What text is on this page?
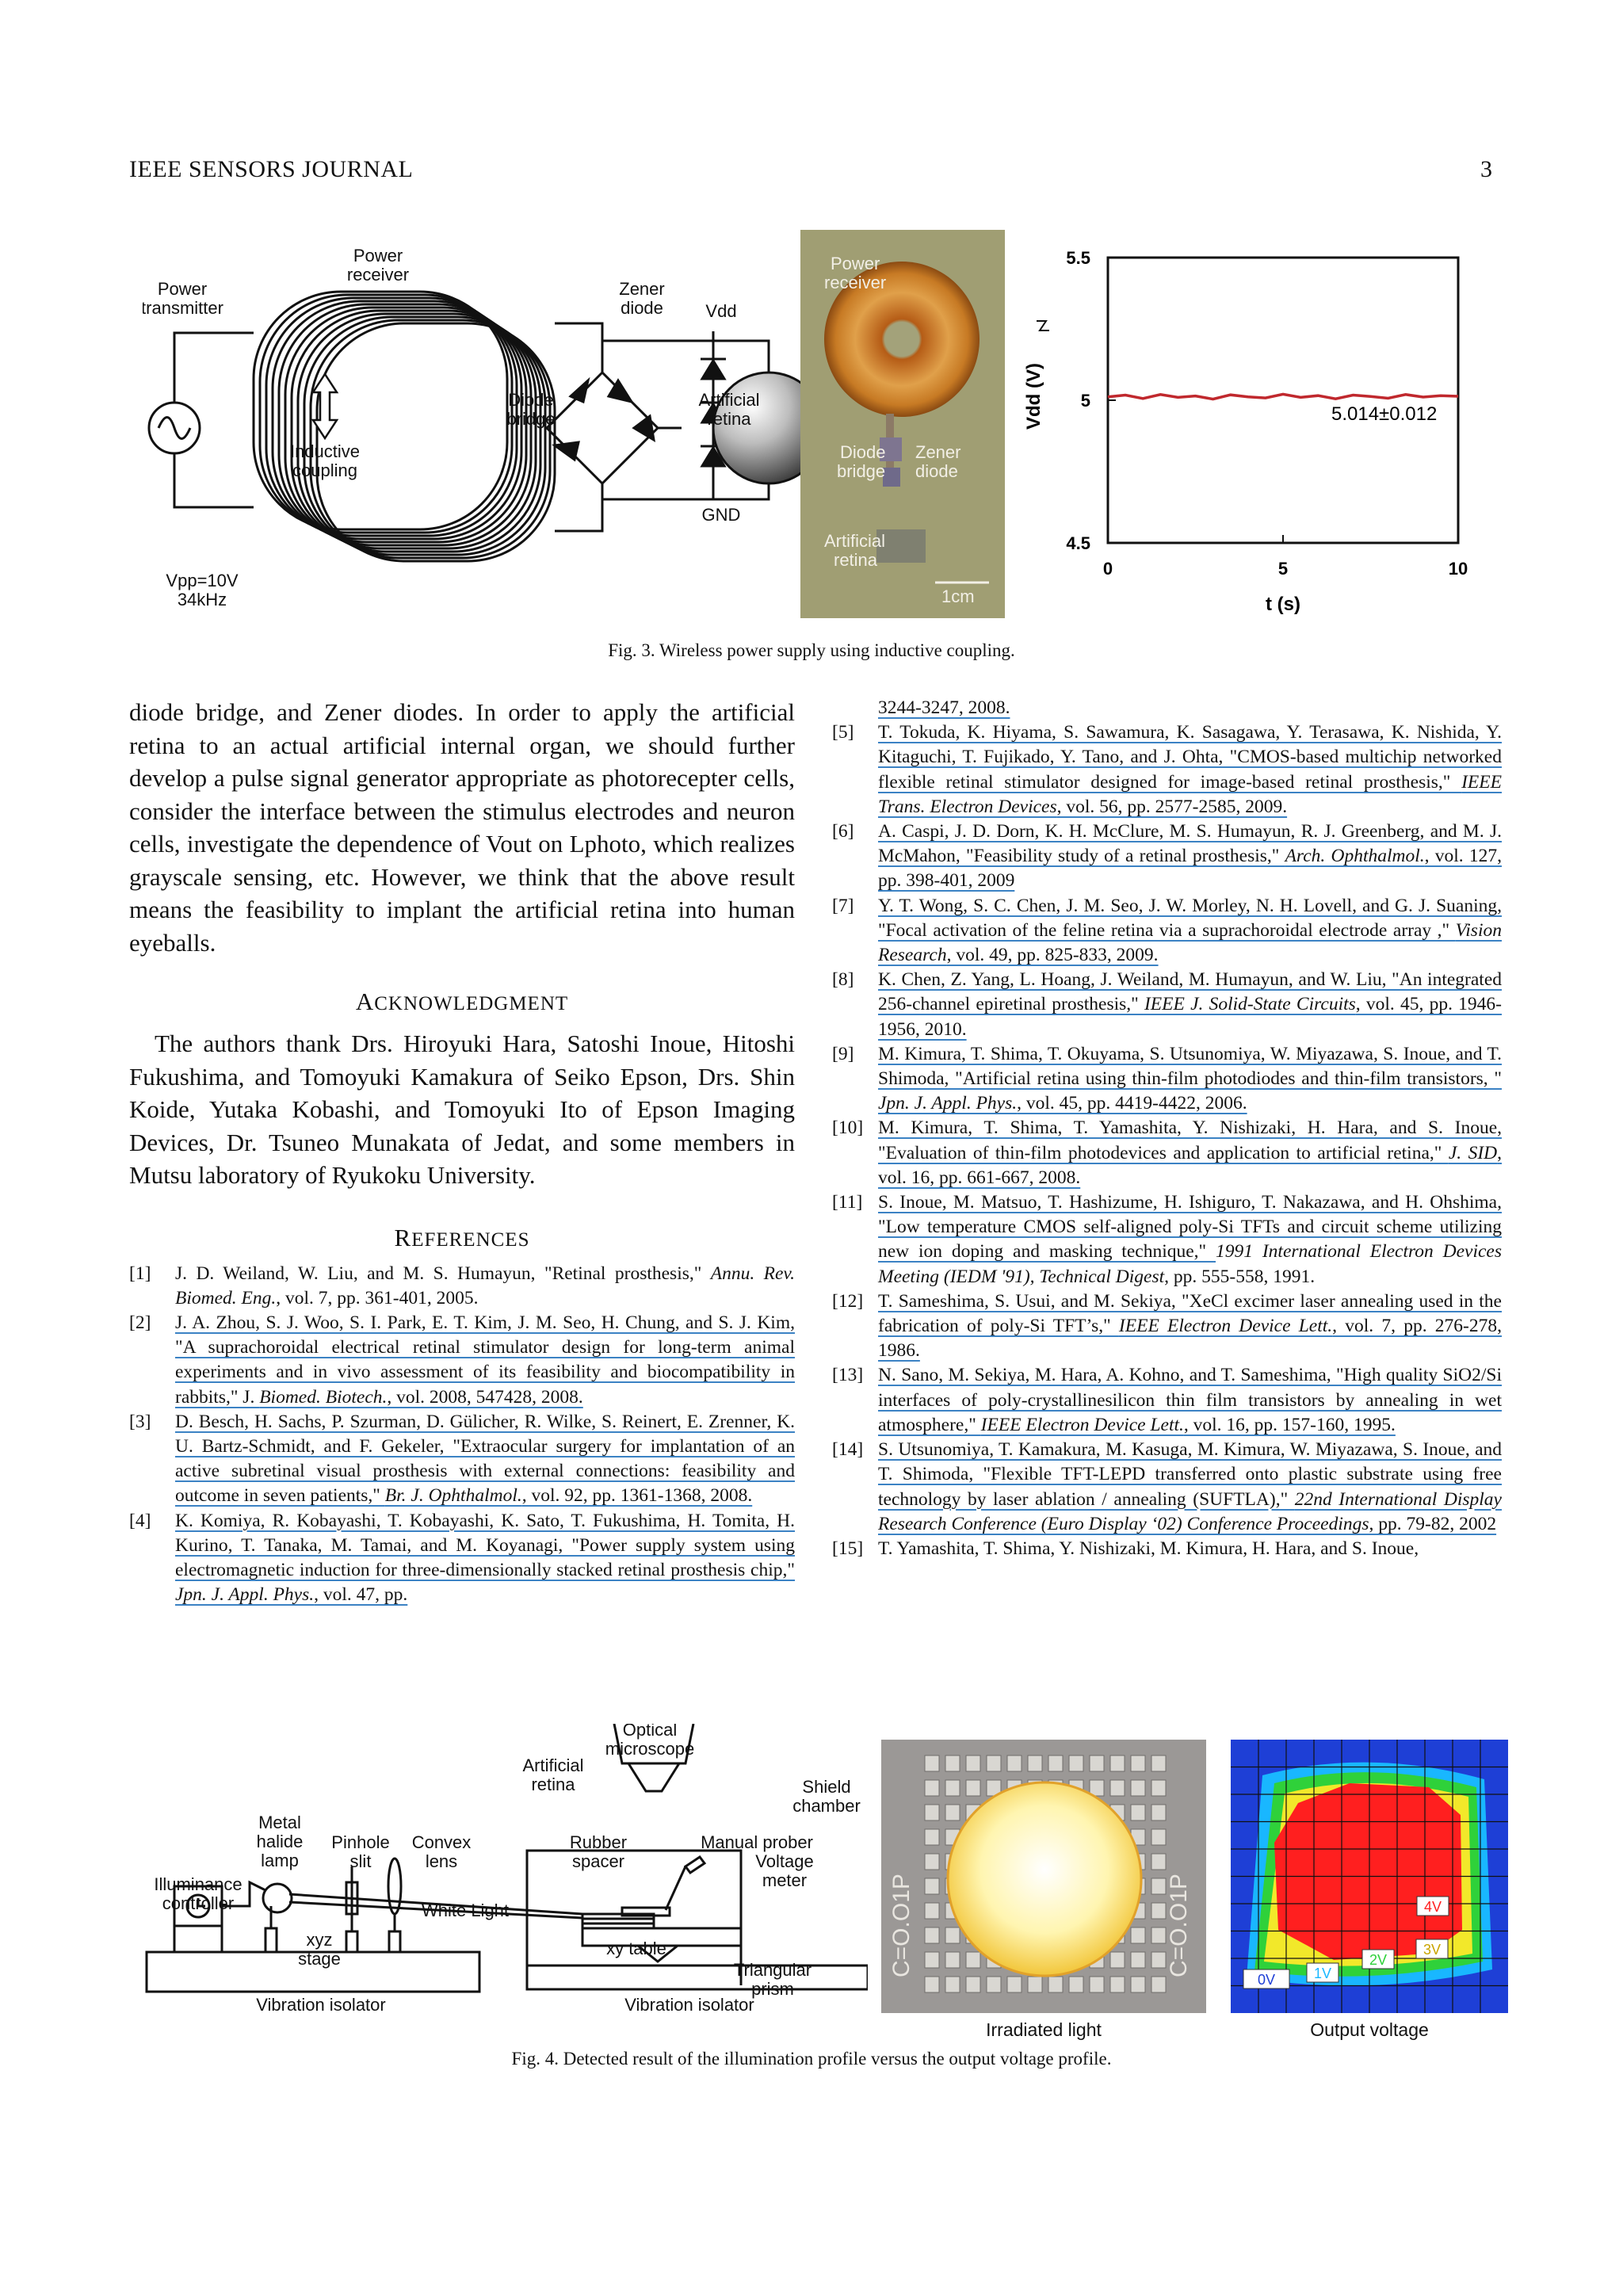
IEEE SENSORS JOURNAL	3
Power
transmitter
Power
receiver
Zener
diode Vdd
Diode
bridge
Artificial
retina
Inductive
coupling
GND
Vpp=10V
34kHz
Power
receiver
Diode
bridge
Zener
diode
Artificial
retina
1cm
4.5
5
5.5
0	5	10
Vdd (V)
t (s)
5.014±0.012
Fig. 3. Wireless power supply using inductive coupling.

diode bridge, and Zener diodes. In order to apply the artificial retina to an actual artificial internal organ, we should further develop a pulse signal generator appropriate as photorecepter cells, consider the interface between the stimulus electrodes and neuron cells, investigate the dependence of Vout on Lphoto, which realizes grayscale sensing, etc. However, we think that the above result means the feasibility to implant the artificial retina into human eyeballs.

ACKNOWLEDGMENT

The authors thank Drs. Hiroyuki Hara, Satoshi Inoue, Hitoshi Fukushima, and Tomoyuki Kamakura of Seiko Epson, Drs. Shin Koide, Yutaka Kobashi, and Tomoyuki Ito of Epson Imaging Devices, Dr. Tsuneo Munakata of Jedat, and some members in Mutsu laboratory of Ryukoku University.

REFERENCES

[1] J. D. Weiland, W. Liu, and M. S. Humayun, "Retinal prosthesis," Annu. Rev. Biomed. Eng., vol. 7, pp. 361-401, 2005.

[2] J. A. Zhou, S. J. Woo, S. I. Park, E. T. Kim, J. M. Seo, H. Chung, and S. J. Kim, "A suprachoroidal electrical retinal stimulator design for long-term animal experiments and in vivo assessment of its feasibility and biocompatibility in rabbits," J. Biomed. Biotech., vol. 2008, 547428, 2008.

[3] D. Besch, H. Sachs, P. Szurman, D. Gülicher, R. Wilke, S. Reinert, E. Zrenner, K. U. Bartz-Schmidt, and F. Gekeler, "Extraocular surgery for implantation of an active subretinal visual prosthesis with external connections: feasibility and outcome in seven patients," Br. J. Ophthalmol., vol. 92, pp. 1361-1368, 2008.

[4] K. Komiya, R. Kobayashi, T. Kobayashi, K. Sato, T. Fukushima, H. Tomita, H. Kurino, T. Tanaka, M. Tamai, and M. Koyanagi, "Power supply system using electromagnetic induction for three-dimensionally stacked retinal prosthesis chip," Jpn. J. Appl. Phys., vol. 47, pp.

3244-3247, 2008.

[5] T. Tokuda, K. Hiyama, S. Sawamura, K. Sasagawa, Y. Terasawa, K. Nishida, Y. Kitaguchi, T. Fujikado, Y. Tano, and J. Ohta, "CMOS-based multichip networked flexible retinal stimulator designed for image-based retinal prosthesis," IEEE Trans. Electron Devices, vol. 56, pp. 2577-2585, 2009.

[6] A. Caspi, J. D. Dorn, K. H. McClure, M. S. Humayun, R. J. Greenberg, and M. J. McMahon, "Feasibility study of a retinal prosthesis," Arch. Ophthalmol., vol. 127, pp. 398-401, 2009

[7] Y. T. Wong, S. C. Chen, J. M. Seo, J. W. Morley, N. H. Lovell, and G. J. Suaning, "Focal activation of the feline retina via a suprachoroidal electrode array ," Vision Research, vol. 49, pp. 825-833, 2009.

[8] K. Chen, Z. Yang, L. Hoang, J. Weiland, M. Humayun, and W. Liu, "An integrated 256-channel epiretinal prosthesis," IEEE J. Solid-State Circuits, vol. 45, pp. 1946-1956, 2010.

[9] M. Kimura, T. Shima, T. Okuyama, S. Utsunomiya, W. Miyazawa, S. Inoue, and T. Shimoda, "Artificial retina using thin-film photodiodes and thin-film transistors, " Jpn. J. Appl. Phys., vol. 45, pp. 4419-4422, 2006.

[10] M. Kimura, T. Shima, T. Yamashita, Y. Nishizaki, H. Hara, and S. Inoue, "Evaluation of thin-film photodevices and application to artificial retina," J. SID, vol. 16, pp. 661-667, 2008.

[11] S. Inoue, M. Matsuo, T. Hashizume, H. Ishiguro, T. Nakazawa, and H. Ohshima, "Low temperature CMOS self-aligned poly-Si TFTs and circuit scheme utilizing new ion doping and masking technique," 1991 International Electron Devices Meeting (IEDM '91), Technical Digest, pp. 555-558, 1991.

[12] T. Sameshima, S. Usui, and M. Sekiya, "XeCl excimer laser annealing used in the fabrication of poly-Si TFT’s," IEEE Electron Device Lett., vol. 7, pp. 276-278, 1986.

[13] N. Sano, M. Sekiya, M. Hara, A. Kohno, and T. Sameshima, "High quality SiO2/Si interfaces of poly-crystallinesilicon thin film transistors by annealing in wet atmosphere," IEEE Electron Device Lett., vol. 16, pp. 157-160, 1995.

[14] S. Utsunomiya, T. Kamakura, M. Kasuga, M. Kimura, W. Miyazawa, S. Inoue, and T. Shimoda, "Flexible TFT-LEPD transferred onto plastic substrate using free technology by laser ablation / annealing (SUFTLA)," 22nd International Display Research Conference (Euro Display ‘02) Conference Proceedings, pp. 79-82, 2002

[15] T. Yamashita, T. Shima, Y. Nishizaki, M. Kimura, H. Hara, and S. Inoue,

Optical
microscope
Artificial
retina	Shield
chamber
Metal
halide
lamp
Pinhole
slit
Convex
lens
Rubber
spacer
Manual prober
Voltage
meter
Illuminance
controller	White Light
xyz
stage
xy table
Triangular
prism
Vibration isolator	Vibration isolator
C=O.O1P	C=O.O1P
Irradiated light
0V	1V
2V
3V
4V
Output voltage
Fig. 4. Detected result of the illumination profile versus the output voltage profile.
